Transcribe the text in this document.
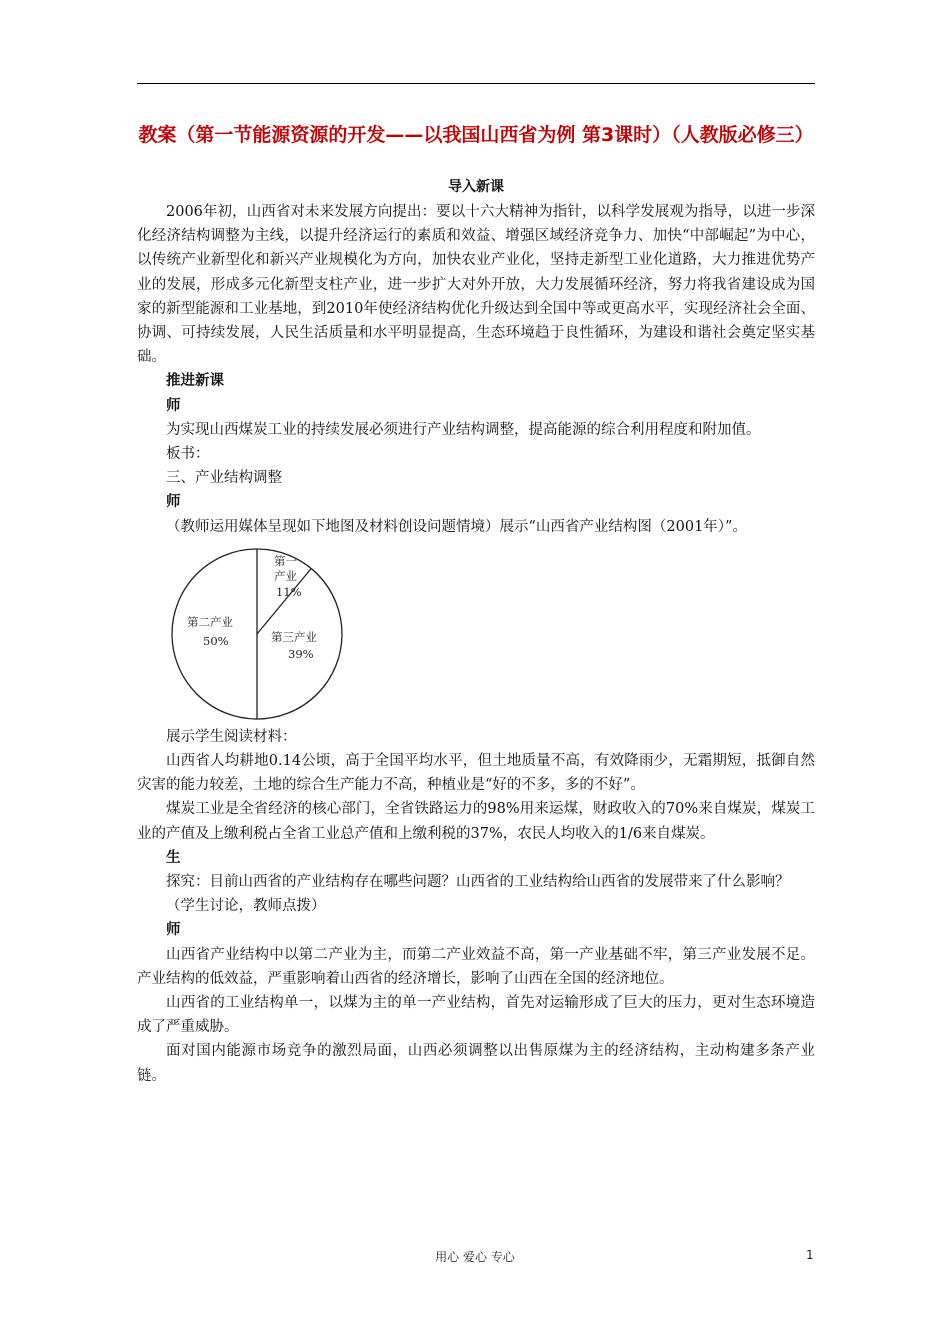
教案（第一节能源资源的开发——以我国山西省为例 第3课时）（人教版必修三）
导入新课

2006年初，山西省对未来发展方向提出：要以十六大精神为指针，以科学发展观为指导，以进一步深化经济结构调整为主线，以提升经济运行的素质和效益、增强区域经济竞争力、加快“中部崛起”为中心，以传统产业新型化和新兴产业规模化为方向，加快农业产业化，坚持走新型工业化道路，大力推进优势产业的发展，形成多元化新型支柱产业，进一步扩大对外开放，大力发展循环经济，努力将我省建设成为国家的新型能源和工业基地，到2010年使经济结构优化升级达到全国中等或更高水平，实现经济社会全面、协调、可持续发展，人民生活质量和水平明显提高，生态环境趋于良性循环，为建设和谐社会奠定坚实基础。

推进新课

师

为实现山西煤炭工业的持续发展必须进行产业结构调整，提高能源的综合利用程度和附加值。

板书：

三、产业结构调整

师

（教师运用媒体呈现如下地图及材料创设问题情境）展示“山西省产业结构图（2001年）”。

第一
产业
11%
第三产业
39%
第二产业
50%

展示学生阅读材料：

山西省人均耕地0.14公顷，高于全国平均水平，但土地质量不高，有效降雨少，无霜期短，抵御自然灾害的能力较差，土地的综合生产能力不高，种植业是“好的不多，多的不好”。

煤炭工业是全省经济的核心部门，全省铁路运力的98%用来运煤，财政收入的70%来自煤炭，煤炭工业的产值及上缴利税占全省工业总产值和上缴利税的37%，农民人均收入的1/6来自煤炭。

生

探究：目前山西省的产业结构存在哪些问题？山西省的工业结构给山西省的发展带来了什么影响？

（学生讨论，教师点拨）

师

山西省产业结构中以第二产业为主，而第二产业效益不高，第一产业基础不牢，第三产业发展不足。产业结构的低效益，严重影响着山西省的经济增长，影响了山西在全国的经济地位。

山西省的工业结构单一，以煤为主的单一产业结构，首先对运输形成了巨大的压力，更对生态环境造成了严重威胁。

面对国内能源市场竞争的激烈局面，山西必须调整以出售原煤为主的经济结构，主动构建多条产业链。

用心 爱心 专心	1
